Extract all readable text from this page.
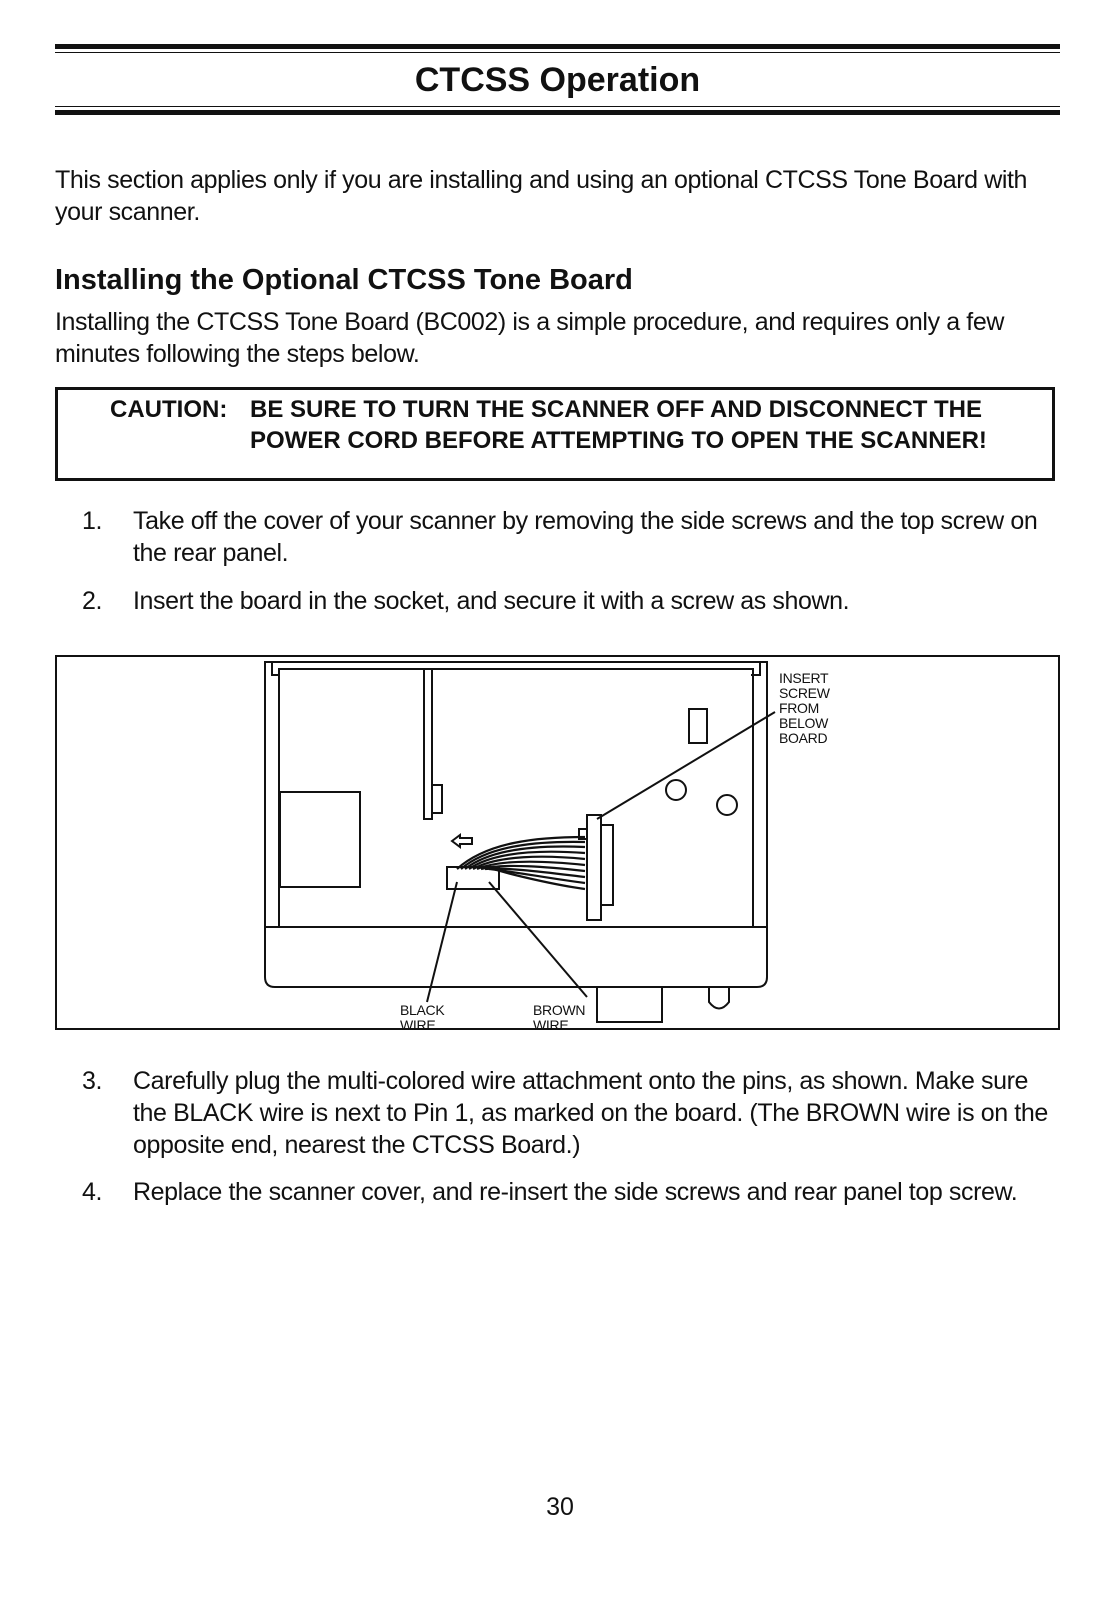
CTCSS Operation
This section applies only if you are installing and using an optional CTCSS Tone Board with your scanner.
Installing the Optional CTCSS Tone Board
Installing the CTCSS Tone Board (BC002) is a simple procedure, and requires only a few minutes following the steps below.
CAUTION: BE SURE TO TURN THE SCANNER OFF AND DISCONNECT THE POWER CORD BEFORE ATTEMPTING TO OPEN THE SCANNER!
1. Take off the cover of your scanner by removing the side screws and the top screw on the rear panel.
2. Insert the board in the socket, and secure it with a screw as shown.
INSERT
SCREW
FROM
BELOW
BOARD
BLACK
WIRE
BROWN
WIRE
3. Carefully plug the multi-colored wire attachment onto the pins, as shown. Make sure the BLACK wire is next to Pin 1, as marked on the board. (The BROWN wire is on the opposite end, nearest the CTCSS Board.)
4. Replace the scanner cover, and re-insert the side screws and rear panel top screw.
30
